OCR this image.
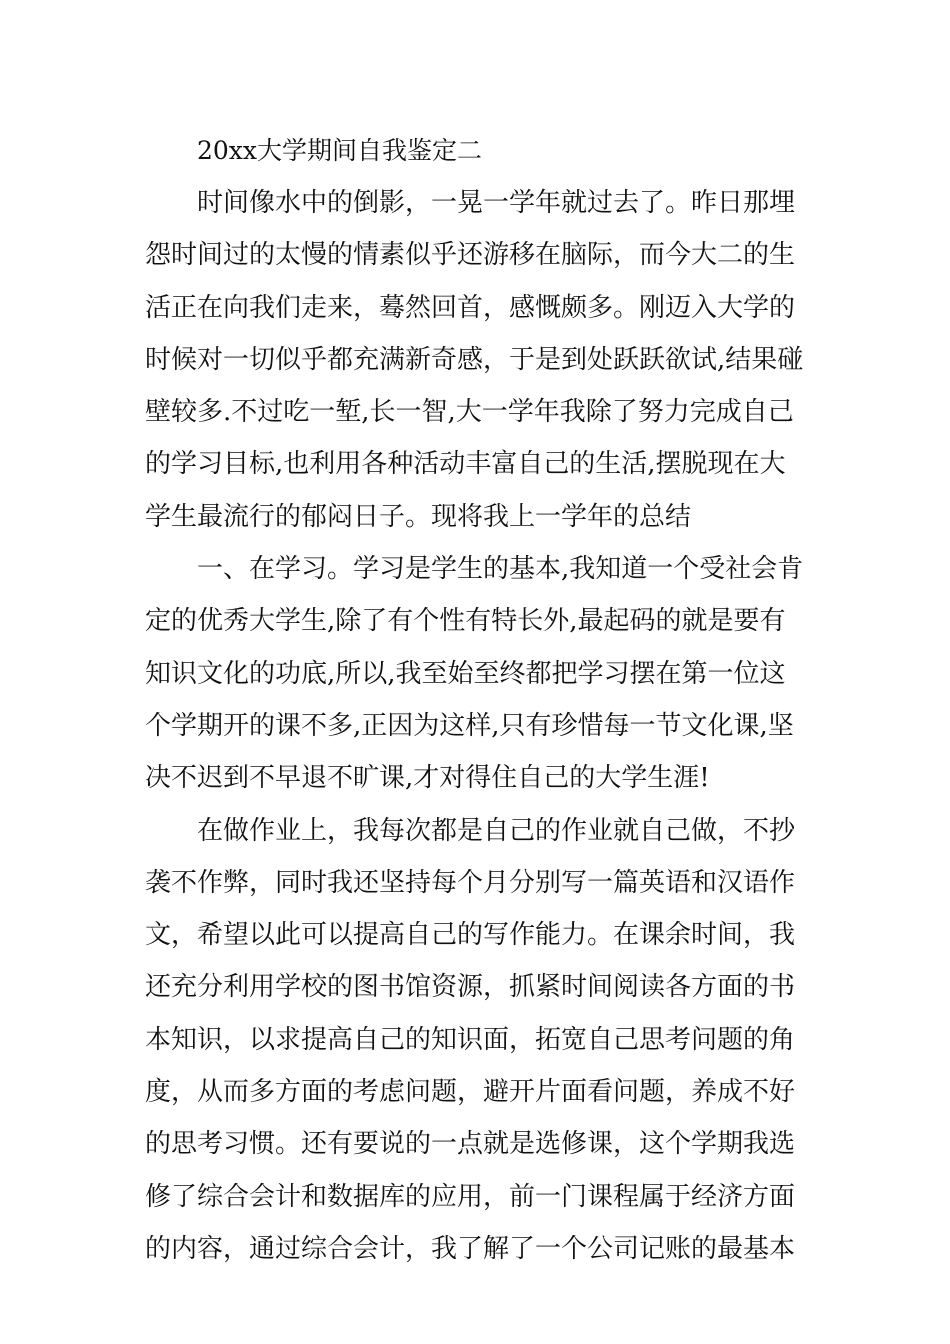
20xx大学期间自我鉴定二
时间像水中的倒影，一晃一学年就过去了。昨日那埋
怨时间过的太慢的情素似乎还游移在脑际，而今大二的生
活正在向我们走来，蓦然回首，感慨颇多。刚迈入大学的
时候对一切似乎都充满新奇感，于是到处跃跃欲试,结果碰
壁较多.不过吃一堑,长一智,大一学年我除了努力完成自己
的学习目标,也利用各种活动丰富自己的生活,摆脱现在大
学生最流行的郁闷日子。现将我上一学年的总结
一、在学习。学习是学生的基本,我知道一个受社会肯
定的优秀大学生,除了有个性有特长外,最起码的就是要有
知识文化的功底,所以,我至始至终都把学习摆在第一位这
个学期开的课不多,正因为这样,只有珍惜每一节文化课,坚
决不迟到不早退不旷课,才对得住自己的大学生涯!
在做作业上，我每次都是自己的作业就自己做，不抄
袭不作弊，同时我还坚持每个月分别写一篇英语和汉语作
文，希望以此可以提高自己的写作能力。在课余时间，我
还充分利用学校的图书馆资源，抓紧时间阅读各方面的书
本知识，以求提高自己的知识面，拓宽自己思考问题的角
度，从而多方面的考虑问题，避开片面看问题，养成不好
的思考习惯。还有要说的一点就是选修课，这个学期我选
修了综合会计和数据库的应用，前一门课程属于经济方面
的内容，通过综合会计，我了解了一个公司记账的最基本
